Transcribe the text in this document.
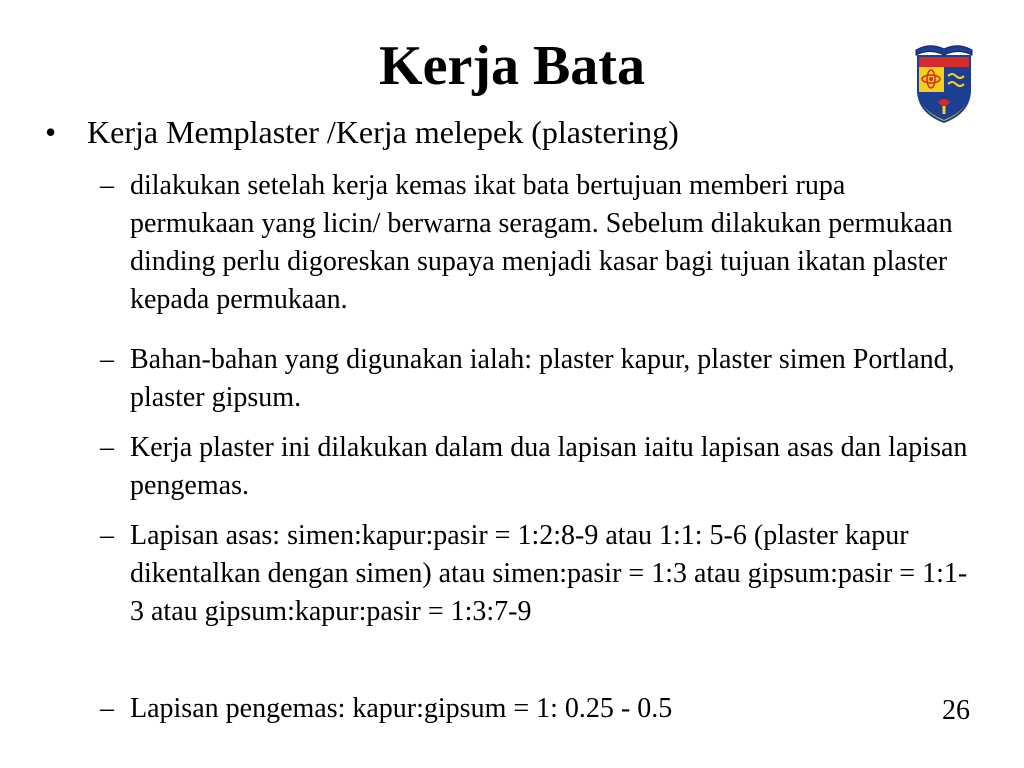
Kerja Bata
• Kerja Memplaster /Kerja melepek (plastering)
– dilakukan setelah kerja kemas ikat bata bertujuan memberi rupa permukaan yang licin/ berwarna seragam. Sebelum dilakukan permukaan dinding perlu digoreskan supaya menjadi kasar bagi tujuan ikatan plaster kepada permukaan.
– Bahan-bahan yang digunakan ialah: plaster kapur, plaster simen Portland, plaster gipsum.
– Kerja plaster ini dilakukan dalam dua lapisan iaitu lapisan asas dan lapisan pengemas.
– Lapisan asas: simen:kapur:pasir = 1:2:8-9 atau 1:1: 5-6 (plaster kapur dikentalkan dengan simen) atau simen:pasir = 1:3 atau gipsum:pasir = 1:1-3 atau gipsum:kapur:pasir = 1:3:7-9
– Lapisan pengemas: kapur:gipsum = 1: 0.25 - 0.5	26
